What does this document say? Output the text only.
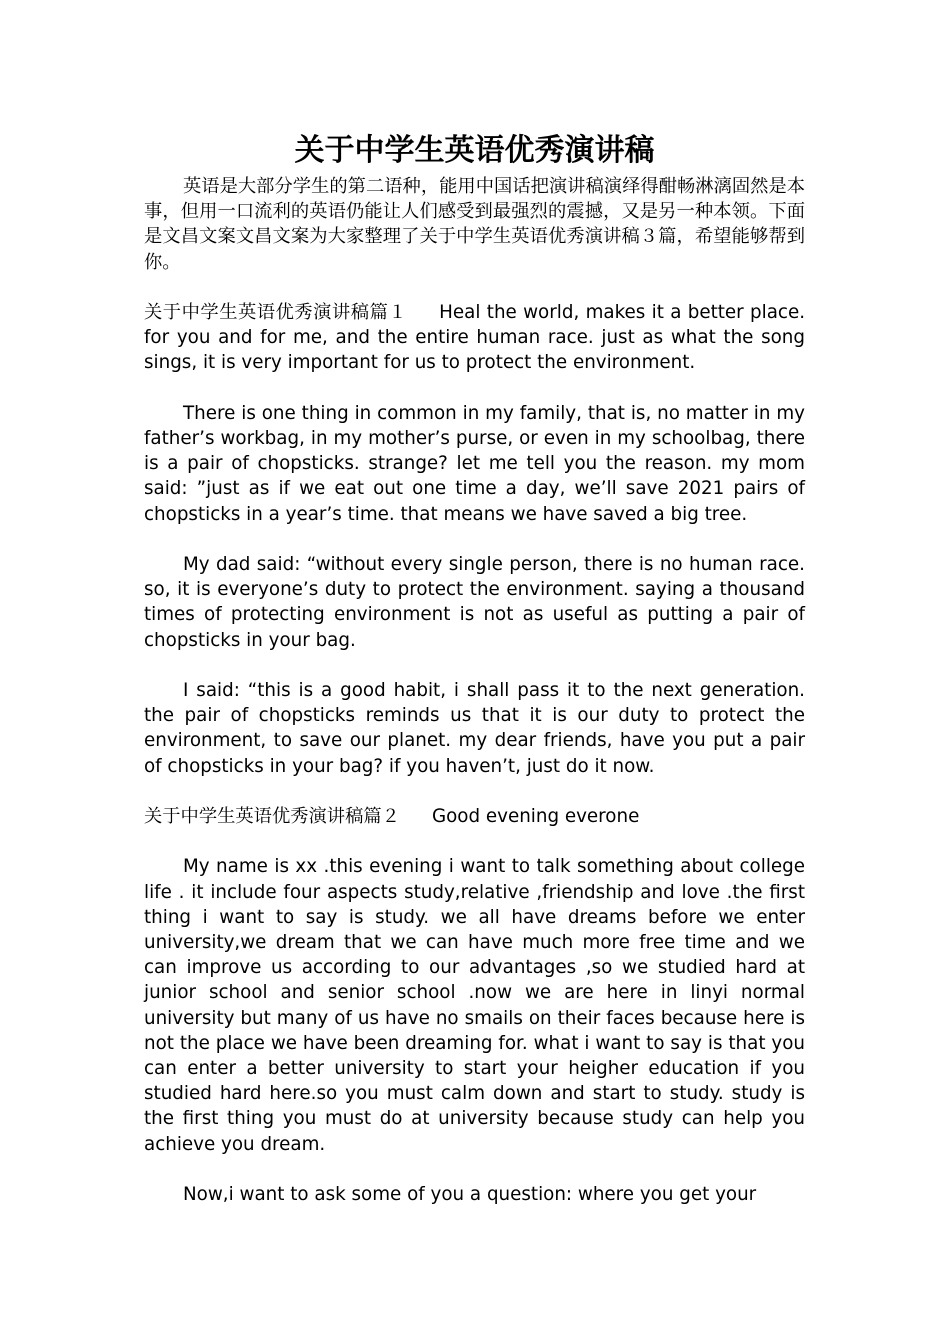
关于中学生英语优秀演讲稿

英语是大部分学生的第二语种，能用中国话把演讲稿演绎得酣畅淋漓固然是本事，但用一口流利的英语仍能让人们感受到最强烈的震撼，又是另一种本领。下面是文昌文案文昌文案为大家整理了关于中学生英语优秀演讲稿３篇，希望能够帮到你。

关于中学生英语优秀演讲稿篇１ Heal the world, makes it a better place. for you and for me, and the entire human race. just as what the song sings, it is very important for us to protect the environment.

There is one thing in common in my family, that is, no matter in my father’s workbag, in my mother’s purse, or even in my schoolbag, there is a pair of chopsticks. strange? let me tell you the reason. my mom said: ”just as if we eat out one time a day, we’ll save 2021 pairs of chopsticks in a year’s time. that means we have saved a big tree.

My dad said: “without every single person, there is no human race. so, it is everyone’s duty to protect the environment. saying a thousand times of protecting environment is not as useful as putting a pair of chopsticks in your bag.

I said: “this is a good habit, i shall pass it to the next generation. the pair of chopsticks reminds us that it is our duty to protect the environment, to save our planet. my dear friends, have you put a pair of chopsticks in your bag? if you haven’t, just do it now.

关于中学生英语优秀演讲稿篇２ Good evening everone

My name is xx .this evening i want to talk something about college life . it include four aspects study,relative ,friendship and love .the first thing i want to say is study. we all have dreams before we enter university,we dream that we can have much more free time and we can improve us according to our advantages ,so we studied hard at junior school and senior school .now we are here in linyi normal university but many of us have no smails on their faces because here is not the place we have been dreaming for. what i want to say is that you can enter a better university to start your heigher education if you studied hard here.so you must calm down and start to study. study is the first thing you must do at university because study can help you achieve you dream.

Now,i want to ask some of you a question: where you get your
